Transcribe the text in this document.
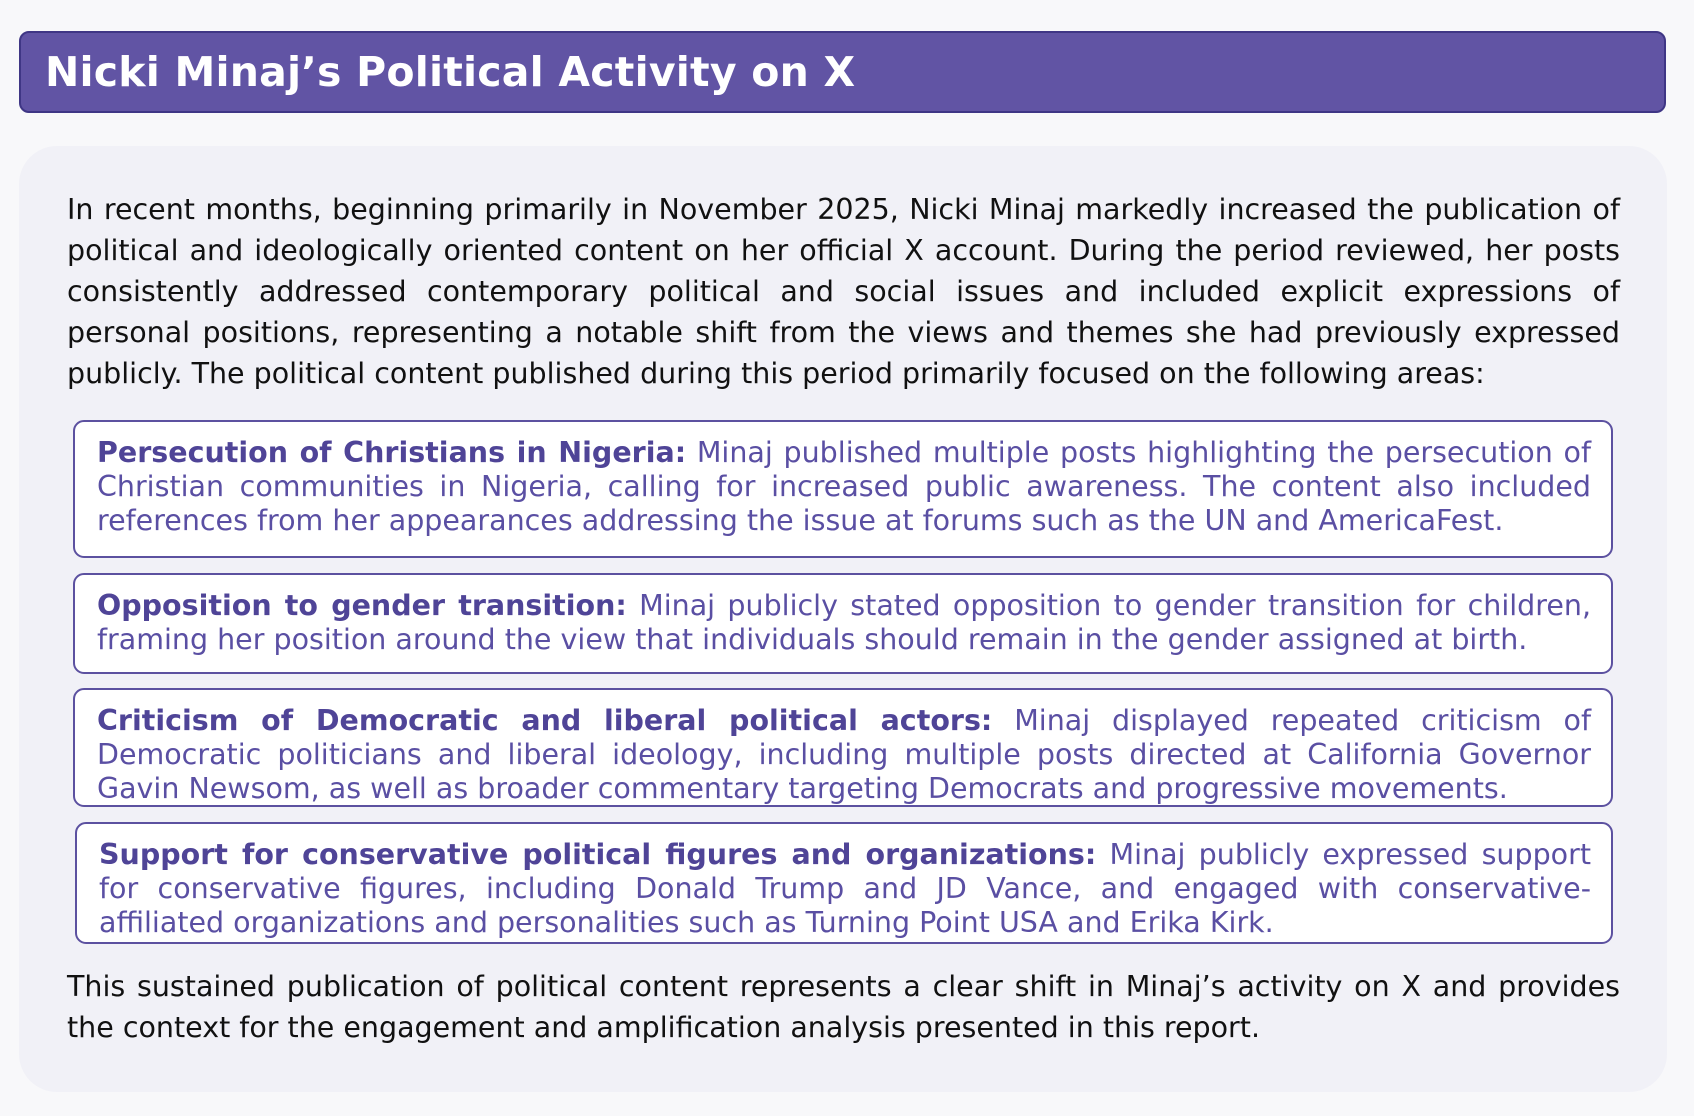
Nicki Minaj’s Political Activity on X

In recent months, beginning primarily in November 2025, Nicki Minaj markedly increased the publication of political and ideologically oriented content on her official X account. During the period reviewed, her posts consistently addressed contemporary political and social issues and included explicit expressions of personal positions, representing a notable shift from the views and themes she had previously expressed publicly. The political content published during this period primarily focused on the following areas:

Persecution of Christians in Nigeria: Minaj published multiple posts highlighting the persecution of Christian communities in Nigeria, calling for increased public awareness. The content also included references from her appearances addressing the issue at forums such as the UN and AmericaFest.
Opposition to gender transition: Minaj publicly stated opposition to gender transition for children, framing her position around the view that individuals should remain in the gender assigned at birth.
Criticism of Democratic and liberal political actors: Minaj displayed repeated criticism of Democratic politicians and liberal ideology, including multiple posts directed at California Governor Gavin Newsom, as well as broader commentary targeting Democrats and progressive movements.
Support for conservative political figures and organizations: Minaj publicly expressed support for conservative figures, including Donald Trump and JD Vance, and engaged with conservative-affiliated organizations and personalities such as Turning Point USA and Erika Kirk.

This sustained publication of political content represents a clear shift in Minaj’s activity on X and provides the context for the engagement and amplification analysis presented in this report.
